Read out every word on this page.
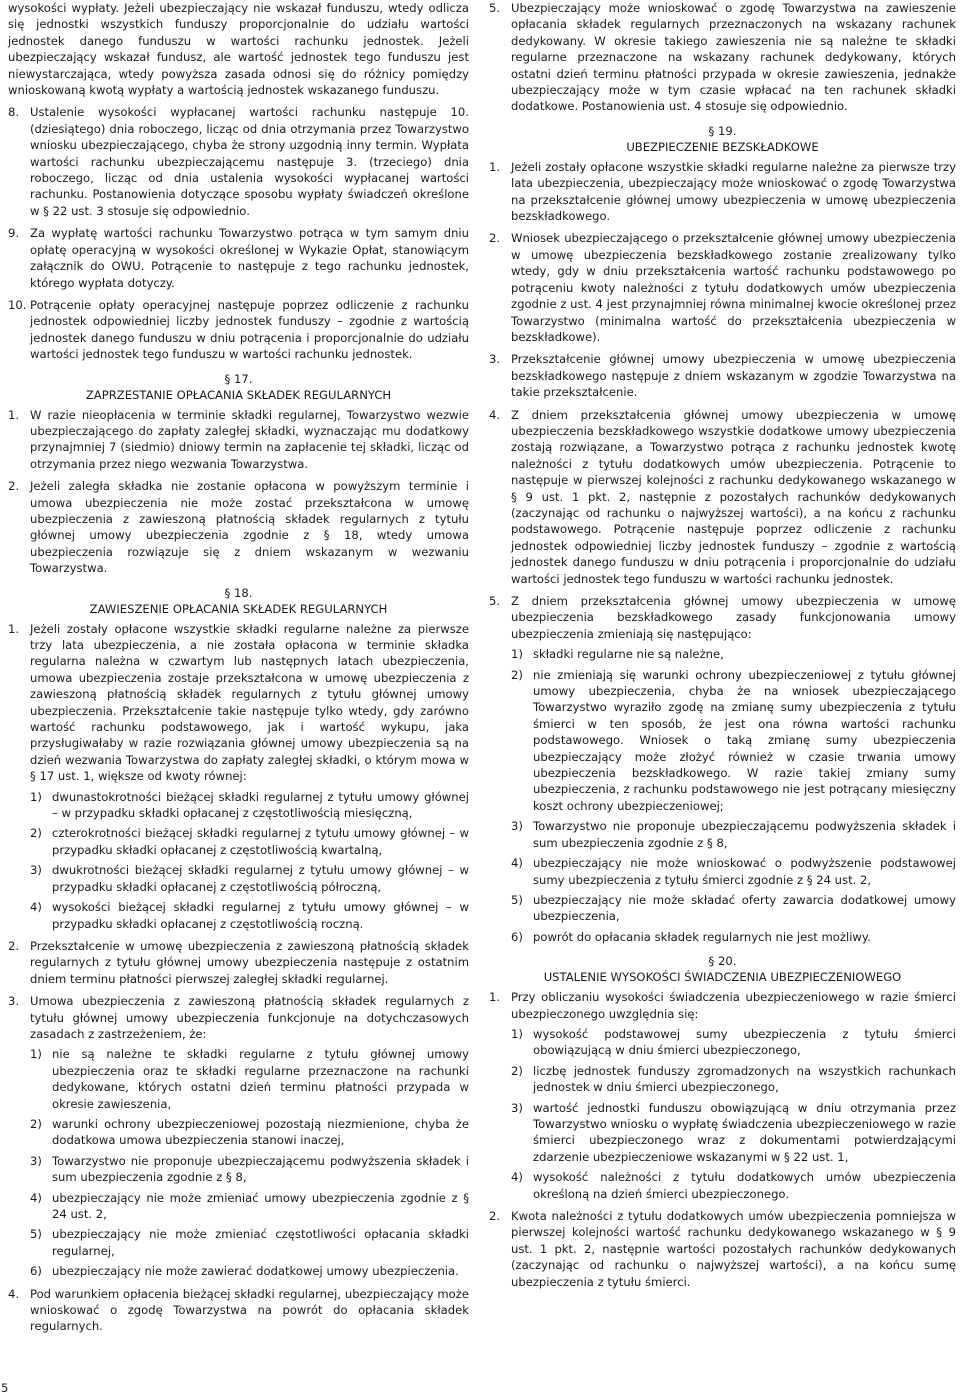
wysokości wypłaty. Jeżeli ubezpieczający nie wskazał funduszu, wtedy odlicza się jednostki wszystkich funduszy proporcjonalnie do udziału wartości jednostek danego funduszu w wartości rachunku jednostek. Jeżeli ubezpieczający wskazał fundusz, ale wartość jednostek tego funduszu jest niewystarczająca, wtedy powyższa zasada odnosi się do różnicy pomiędzy wnioskowaną kwotą wypłaty a wartością jednostek wskazanego funduszu.

8. Ustalenie wysokości wypłacanej wartości rachunku następuje 10. (dziesiątego) dnia roboczego, licząc od dnia otrzymania przez Towarzystwo wniosku ubezpieczającego, chyba że strony uzgodnią inny termin. Wypłata wartości rachunku ubezpieczającemu następuje 3. (trzeciego) dnia roboczego, licząc od dnia ustalenia wysokości wypłacanej wartości rachunku. Postanowienia dotyczące sposobu wypłaty świadczeń określone w § 22 ust. 3 stosuje się odpowiednio.
9. Za wypłatę wartości rachunku Towarzystwo potrąca w tym samym dniu opłatę operacyjną w wysokości określonej w Wykazie Opłat, stanowiącym załącznik do OWU. Potrącenie to następuje z tego rachunku jednostek, którego wypłata dotyczy.
10. Potrącenie opłaty operacyjnej następuje poprzez odliczenie z rachunku jednostek odpowiedniej liczby jednostek funduszy – zgodnie z wartością jednostek danego funduszu w dniu potrącenia i proporcjonalnie do udziału wartości jednostek tego funduszu w wartości rachunku jednostek.
§ 17.
ZAPRZESTANIE OPŁACANIA SKŁADEK REGULARNYCH
1. W razie nieopłacenia w terminie składki regularnej, Towarzystwo wezwie ubezpieczającego do zapłaty zaległej składki, wyznaczając mu dodatkowy przynajmniej 7 (siedmio) dniowy termin na zapłacenie tej składki, licząc od otrzymania przez niego wezwania Towarzystwa.
2. Jeżeli zaległa składka nie zostanie opłacona w powyższym terminie i umowa ubezpieczenia nie może zostać przekształcona w umowę ubezpieczenia z zawieszoną płatnością składek regularnych z tytułu głównej umowy ubezpieczenia zgodnie z § 18, wtedy umowa ubezpieczenia rozwiązuje się z dniem wskazanym w wezwaniu Towarzystwa.
§ 18.
ZAWIESZENIE OPŁACANIA SKŁADEK REGULARNYCH
1. Jeżeli zostały opłacone wszystkie składki regularne należne za pierwsze trzy lata ubezpieczenia, a nie została opłacona w terminie składka regularna należna w czwartym lub następnych latach ubezpieczenia, umowa ubezpieczenia zostaje przekształcona w umowę ubezpieczenia z zawieszoną płatnością składek regularnych z tytułu głównej umowy ubezpieczenia. Przekształcenie takie następuje tylko wtedy, gdy zarówno wartość rachunku podstawowego, jak i wartość wykupu, jaka przysługiwałaby w razie rozwiązania głównej umowy ubezpieczenia są na dzień wezwania Towarzystwa do zapłaty zaległej składki, o którym mowa w § 17 ust. 1, większe od kwoty równej:
1) dwunastokrotności bieżącej składki regularnej z tytułu umowy głównej – w przypadku składki opłacanej z częstotliwością miesięczną,
2) czterokrotności bieżącej składki regularnej z tytułu umowy głównej – w przypadku składki opłacanej z częstotliwością kwartalną,
3) dwukrotności bieżącej składki regularnej z tytułu umowy głównej – w przypadku składki opłacanej z częstotliwością półroczną,
4) wysokości bieżącej składki regularnej z tytułu umowy głównej – w przypadku składki opłacanej z częstotliwością roczną.
2. Przekształcenie w umowę ubezpieczenia z zawieszoną płatnością składek regularnych z tytułu głównej umowy ubezpieczenia następuje z ostatnim dniem terminu płatności pierwszej zaległej składki regularnej.
3. Umowa ubezpieczenia z zawieszoną płatnością składek regularnych z tytułu głównej umowy ubezpieczenia funkcjonuje na dotychczasowych zasadach z zastrzeżeniem, że:
1) nie są należne te składki regularne z tytułu głównej umowy ubezpieczenia oraz te składki regularne przeznaczone na rachunki dedykowane, których ostatni dzień terminu płatności przypada w okresie zawieszenia,
2) warunki ochrony ubezpieczeniowej pozostają niezmienione, chyba że dodatkowa umowa ubezpieczenia stanowi inaczej,
3) Towarzystwo nie proponuje ubezpieczającemu podwyższenia składek i sum ubezpieczenia zgodnie z § 8,
4) ubezpieczający nie może zmieniać umowy ubezpieczenia zgodnie z § 24 ust. 2,
5) ubezpieczający nie może zmieniać częstotliwości opłacania składki regularnej,
6) ubezpieczający nie może zawierać dodatkowej umowy ubezpieczenia.
4. Pod warunkiem opłacenia bieżącej składki regularnej, ubezpieczający może wnioskować o zgodę Towarzystwa na powrót do opłacania składek regularnych.
5. Ubezpieczający może wnioskować o zgodę Towarzystwa na zawieszenie opłacania składek regularnych przeznaczonych na wskazany rachunek dedykowany. W okresie takiego zawieszenia nie są należne te składki regularne przeznaczone na wskazany rachunek dedykowany, których ostatni dzień terminu płatności przypada w okresie zawieszenia, jednakże ubezpieczający może w tym czasie wpłacać na ten rachunek składki dodatkowe. Postanowienia ust. 4 stosuje się odpowiednio.
§ 19.
UBEZPIECZENIE BEZSKŁADKOWE
1. Jeżeli zostały opłacone wszystkie składki regularne należne za pierwsze trzy lata ubezpieczenia, ubezpieczający może wnioskować o zgodę Towarzystwa na przekształcenie głównej umowy ubezpieczenia w umowę ubezpieczenia bezskładkowego.
2. Wniosek ubezpieczającego o przekształcenie głównej umowy ubezpieczenia w umowę ubezpieczenia bezskładkowego zostanie zrealizowany tylko wtedy, gdy w dniu przekształcenia wartość rachunku podstawowego po potrąceniu kwoty należności z tytułu dodatkowych umów ubezpieczenia zgodnie z ust. 4 jest przynajmniej równa minimalnej kwocie określonej przez Towarzystwo (minimalna wartość do przekształcenia ubezpieczenia w bezskładkowe).
3. Przekształcenie głównej umowy ubezpieczenia w umowę ubezpieczenia bezskładkowego następuje z dniem wskazanym w zgodzie Towarzystwa na takie przekształcenie.
4. Z dniem przekształcenia głównej umowy ubezpieczenia w umowę ubezpieczenia bezskładkowego wszystkie dodatkowe umowy ubezpieczenia zostają rozwiązane, a Towarzystwo potrąca z rachunku jednostek kwotę należności z tytułu dodatkowych umów ubezpieczenia. Potrącenie to następuje w pierwszej kolejności z rachunku dedykowanego wskazanego w § 9 ust. 1 pkt. 2, następnie z pozostałych rachunków dedykowanych (zaczynając od rachunku o najwyższej wartości), a na końcu z rachunku podstawowego. Potrącenie następuje poprzez odliczenie z rachunku jednostek odpowiedniej liczby jednostek funduszy – zgodnie z wartością jednostek danego funduszu w dniu potrącenia i proporcjonalnie do udziału wartości jednostek tego funduszu w wartości rachunku jednostek.
5. Z dniem przekształcenia głównej umowy ubezpieczenia w umowę ubezpieczenia bezskładkowego zasady funkcjonowania umowy ubezpieczenia zmieniają się następująco:
1) składki regularne nie są należne,
2) nie zmieniają się warunki ochrony ubezpieczeniowej z tytułu głównej umowy ubezpieczenia, chyba że na wniosek ubezpieczającego Towarzystwo wyraziło zgodę na zmianę sumy ubezpieczenia z tytułu śmierci w ten sposób, że jest ona równa wartości rachunku podstawowego. Wniosek o taką zmianę sumy ubezpieczenia ubezpieczający może złożyć również w czasie trwania umowy ubezpieczenia bezskładkowego. W razie takiej zmiany sumy ubezpieczenia, z rachunku podstawowego nie jest potrącany miesięczny koszt ochrony ubezpieczeniowej;
3) Towarzystwo nie proponuje ubezpieczającemu podwyższenia składek i sum ubezpieczenia zgodnie z § 8,
4) ubezpieczający nie może wnioskować o podwyższenie podstawowej sumy ubezpieczenia z tytułu śmierci zgodnie z § 24 ust. 2,
5) ubezpieczający nie może składać oferty zawarcia dodatkowej umowy ubezpieczenia,
6) powrót do opłacania składek regularnych nie jest możliwy.
§ 20.
USTALENIE WYSOKOŚCI ŚWIADCZENIA UBEZPIECZENIOWEGO
1. Przy obliczaniu wysokości świadczenia ubezpieczeniowego w razie śmierci ubezpieczonego uwzględnia się:
1) wysokość podstawowej sumy ubezpieczenia z tytułu śmierci obowiązującą w dniu śmierci ubezpieczonego,
2) liczbę jednostek funduszy zgromadzonych na wszystkich rachunkach jednostek w dniu śmierci ubezpieczonego,
3) wartość jednostki funduszu obowiązującą w dniu otrzymania przez Towarzystwo wniosku o wypłatę świadczenia ubezpieczeniowego w razie śmierci ubezpieczonego wraz z dokumentami potwierdzającymi zdarzenie ubezpieczeniowe wskazanymi w § 22 ust. 1,
4) wysokość należności z tytułu dodatkowych umów ubezpieczenia określoną na dzień śmierci ubezpieczonego.
2. Kwota należności z tytułu dodatkowych umów ubezpieczenia pomniejsza w pierwszej kolejności wartość rachunku dedykowanego wskazanego w § 9 ust. 1 pkt. 2, następnie wartości pozostałych rachunków dedykowanych (zaczynając od rachunku o najwyższej wartości), a na końcu sumę ubezpieczenia z tytułu śmierci.
5
